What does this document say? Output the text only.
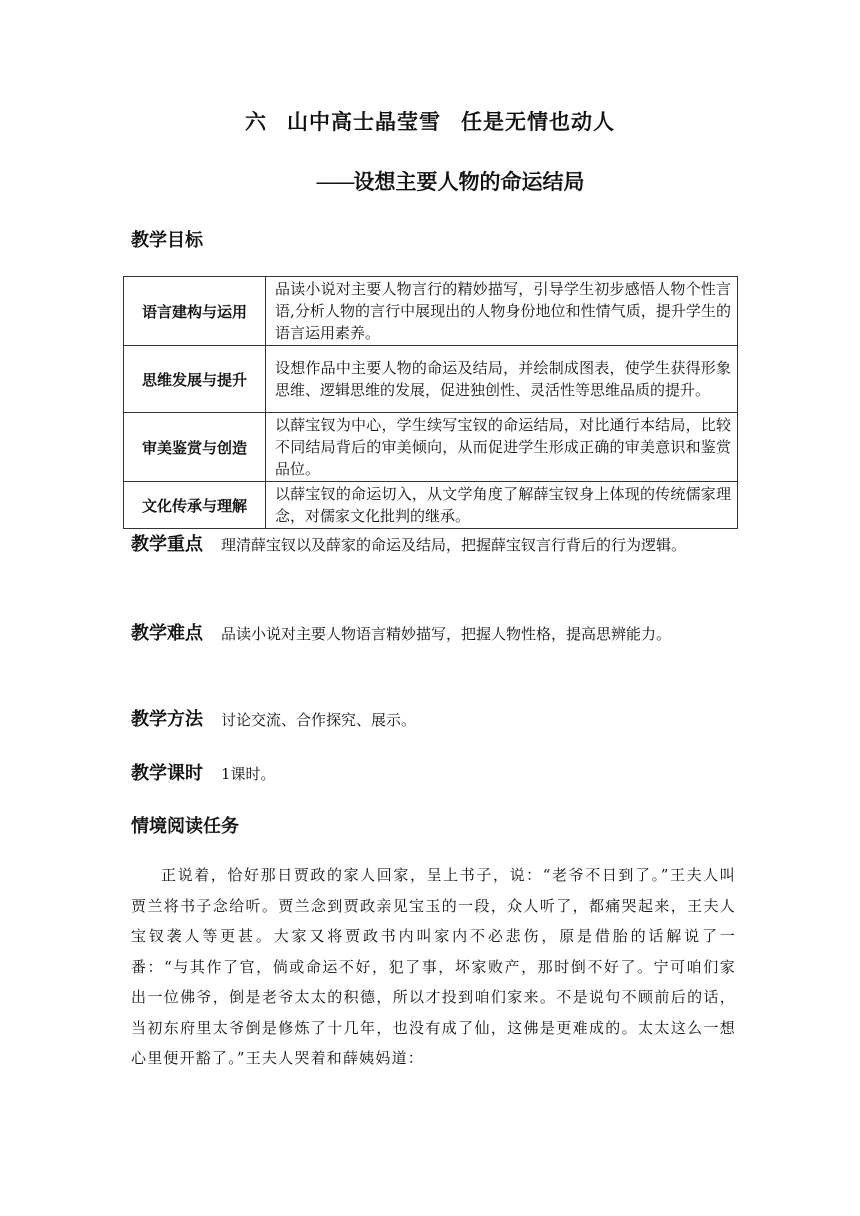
六 山中高士晶莹雪 任是无情也动人
——设想主要人物的命运结局
教学目标
语言建构与运用	品读小说对主要人物言行的精妙描写，引导学生初步感悟人物个性言语,分析人物的言行中展现出的人物身份地位和性情气质，提升学生的语言运用素养。
思维发展与提升	设想作品中主要人物的命运及结局，并绘制成图表，使学生获得形象思维、逻辑思维的发展，促进独创性、灵活性等思维品质的提升。
审美鉴赏与创造	以薛宝钗为中心，学生续写宝钗的命运结局，对比通行本结局，比较不同结局背后的审美倾向，从而促进学生形成正确的审美意识和鉴赏品位。
文化传承与理解	以薛宝钗的命运切入，从文学角度了解薛宝钗身上体现的传统儒家理念，对儒家文化批判的继承。
教学重点 理清薛宝钗以及薛家的命运及结局，把握薛宝钗言行背后的行为逻辑。
教学难点 品读小说对主要人物语言精妙描写，把握人物性格，提高思辨能力。
教学方法 讨论交流、合作探究、展示。
教学课时 1课时。
情境阅读任务
正说着，恰好那日贾政的家人回家，呈上书子，说：“老爷不日到了。”王夫人叫贾兰将书子念给听。贾兰念到贾政亲见宝玉的一段，众人听了，都痛哭起来，王夫人宝钗袭人等更甚。大家又将贾政书内叫家内不必悲伤，原是借胎的话解说了一番：“与其作了官，倘或命运不好，犯了事，坏家败产，那时倒不好了。宁可咱们家出一位佛爷，倒是老爷太太的积德，所以才投到咱们家来。不是说句不顾前后的话，当初东府里太爷倒是修炼了十几年，也没有成了仙，这佛是更难成的。太太这么一想心里便开豁了。”王夫人哭着和薛姨妈道：
